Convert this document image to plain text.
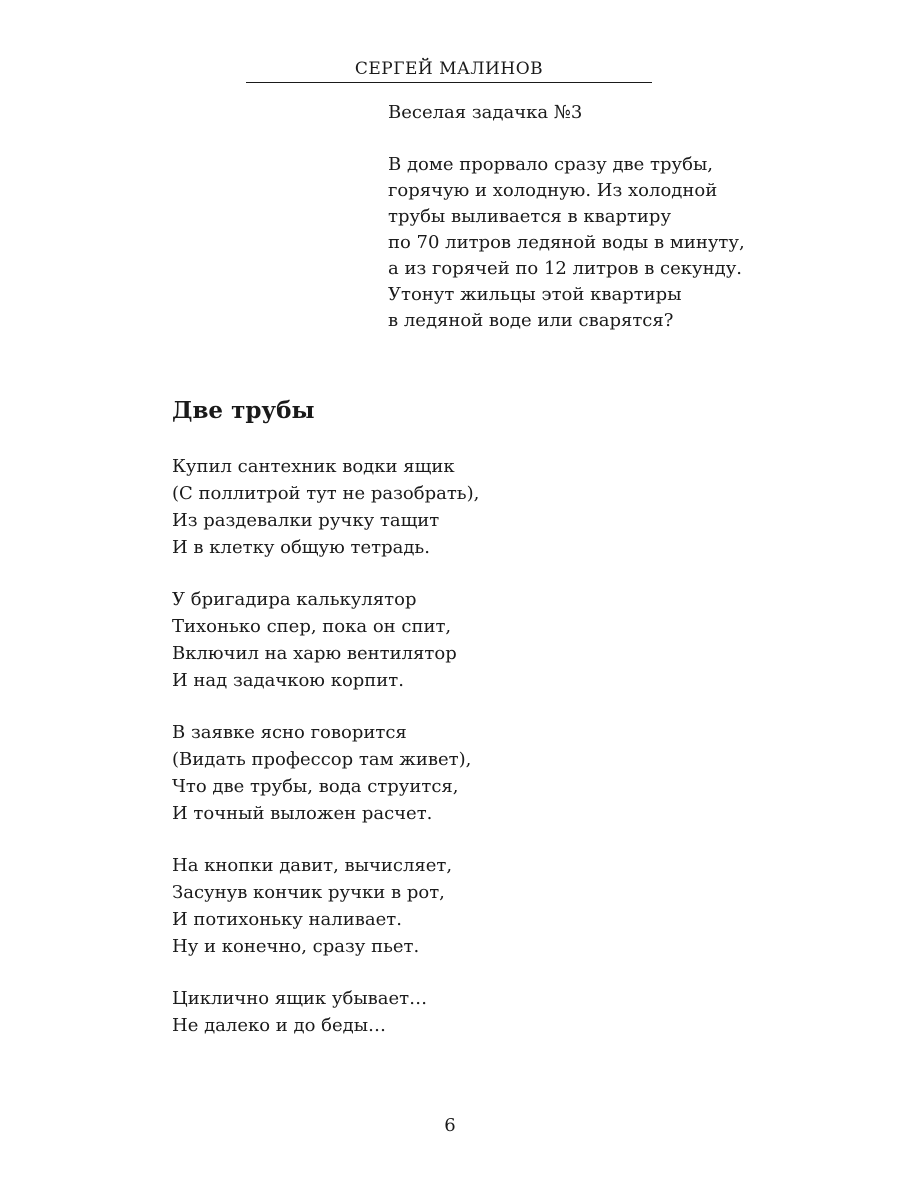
СЕРГЕЙ МАЛИНОВ

Веселая задачка №3

В доме прорвало сразу две трубы,
горячую и холодную. Из холодной
трубы выливается в квартиру
по 70 литров ледяной воды в минуту,
а из горячей по 12 литров в секунду.
Утонут жильцы этой квартиры
в ледяной воде или сварятся?

Две трубы

Купил сантехник водки ящик
(С поллитрой тут не разобрать),
Из раздевалки ручку тащит
И в клетку общую тетрадь.

У бригадира калькулятор
Тихонько спер, пока он спит,
Включил на харю вентилятор
И над задачкою корпит.

В заявке ясно говорится
(Видать профессор там живет),
Что две трубы, вода струится,
И точный выложен расчет.

На кнопки давит, вычисляет,
Засунув кончик ручки в рот,
И потихоньку наливает.
Ну и конечно, сразу пьет.

Циклично ящик убывает…
Не далеко и до беды…

6
